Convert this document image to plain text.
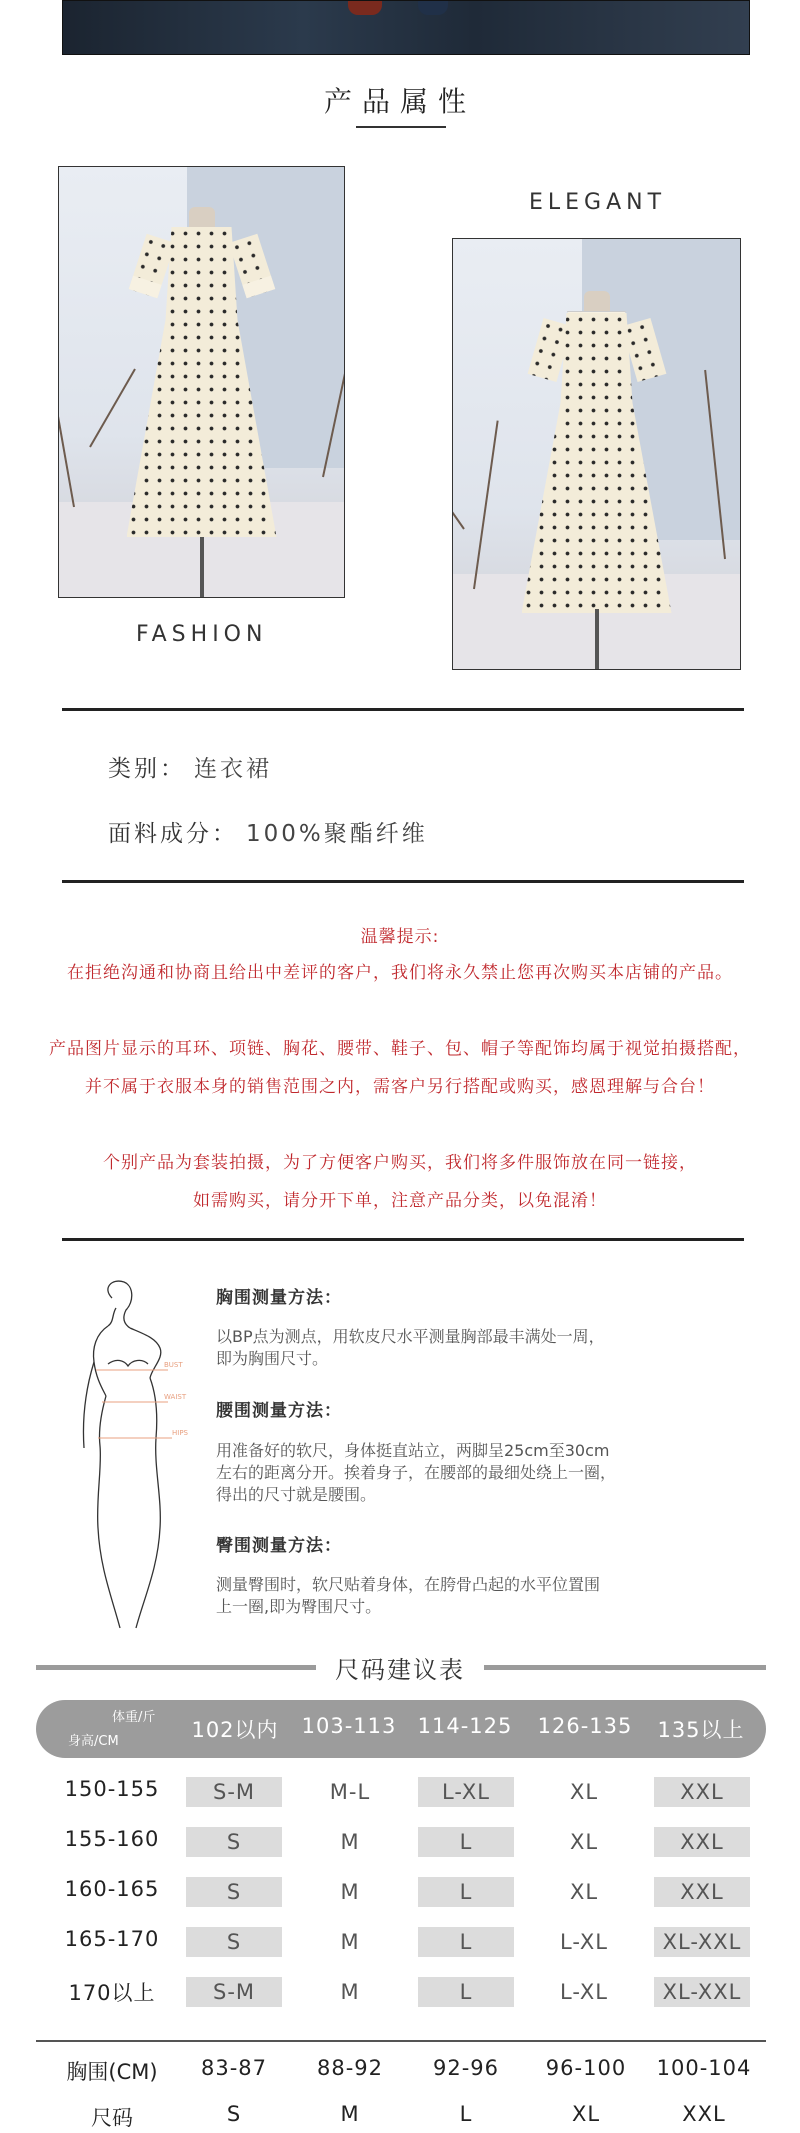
产品属性
FASHION
ELEGANT
类别： 连衣裙
面料成分： 100%聚酯纤维
温馨提示:
在拒绝沟通和协商且给出中差评的客户，我们将永久禁止您再次购买本店铺的产品。
产品图片显示的耳环、项链、胸花、腰带、鞋子、包、帽子等配饰均属于视觉拍摄搭配，
并不属于衣服本身的销售范围之内，需客户另行搭配或购买，感恩理解与合台！
个别产品为套装拍摄，为了方便客户购买，我们将多件服饰放在同一链接，
如需购买，请分开下单，注意产品分类，以免混淆！
BUST
WAIST
HIPS
胸围测量方法：
以BP点为测点，用软皮尺水平测量胸部最丰满处一周，
即为胸围尺寸。
腰围测量方法：
用准备好的软尺，身体挺直站立，两脚呈25cm至30cm
左右的距离分开。挨着身子，在腰部的最细处绕上一圈，
得出的尺寸就是腰围。
臀围测量方法：
测量臀围时，软尺贴着身体，在胯骨凸起的水平位置围
上一圈,即为臀围尺寸。
尺码建议表
体重/斤
身高/CM	102以内	103-113	114-125	126-135	135以上
150-155	S-M	M-L	L-XL	XL	XXL
155-160	S	M	L	XL	XXL
160-165	S	M	L	XL	XXL
165-170	S	M	L	L-XL	XL-XXL
170以上	S-M	M	L	L-XL	XL-XXL
胸围(CM)	83-87	88-92	92-96	96-100	100-104
尺码	S	M	L	XL	XXL
